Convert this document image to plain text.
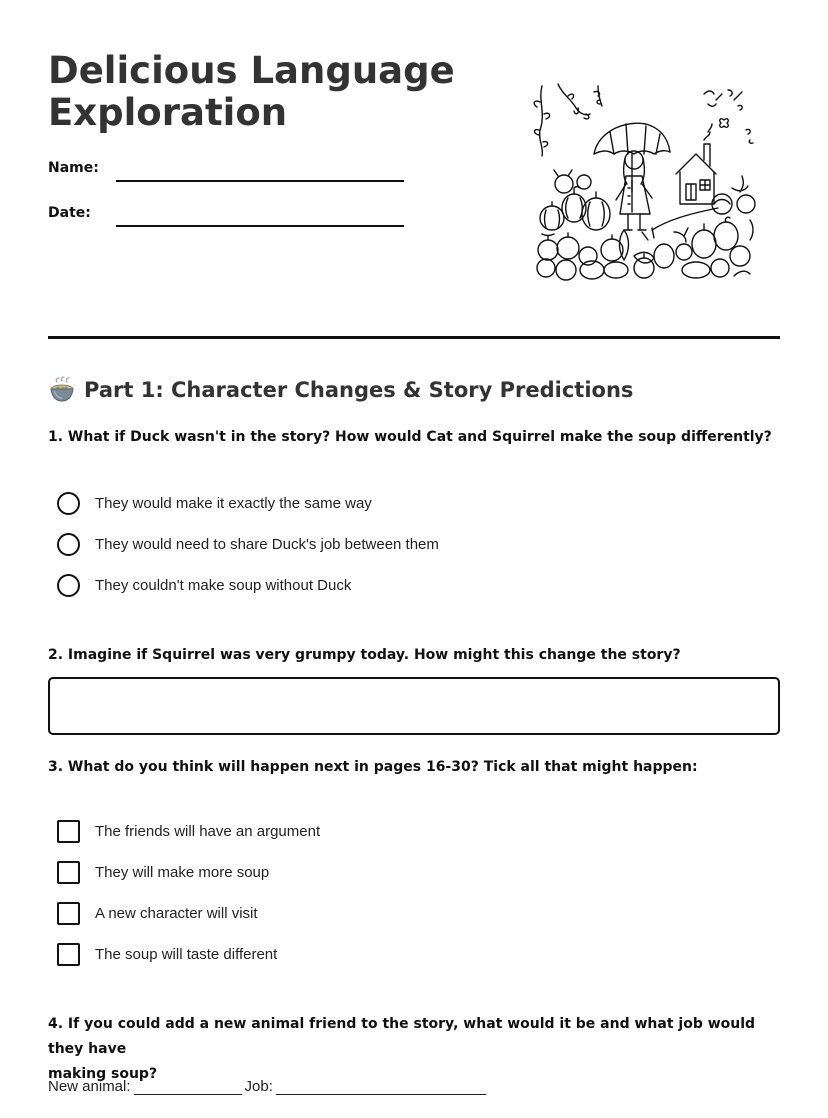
Delicious Language
Exploration
Name:
Date:
Part 1: Character Changes & Story Predictions
1. What if Duck wasn't in the story? How would Cat and Squirrel make the soup differently?
They would make it exactly the same way
They would need to share Duck's job between them
They couldn't make soup without Duck
2. Imagine if Squirrel was very grumpy today. How might this change the story?
3. What do you think will happen next in pages 16-30? Tick all that might happen:
The friends will have an argument
They will make more soup
A new character will visit
The soup will taste different
4. If you could add a new animal friend to the story, what would it be and what job would they have
making soup?
New animal:	Job:
